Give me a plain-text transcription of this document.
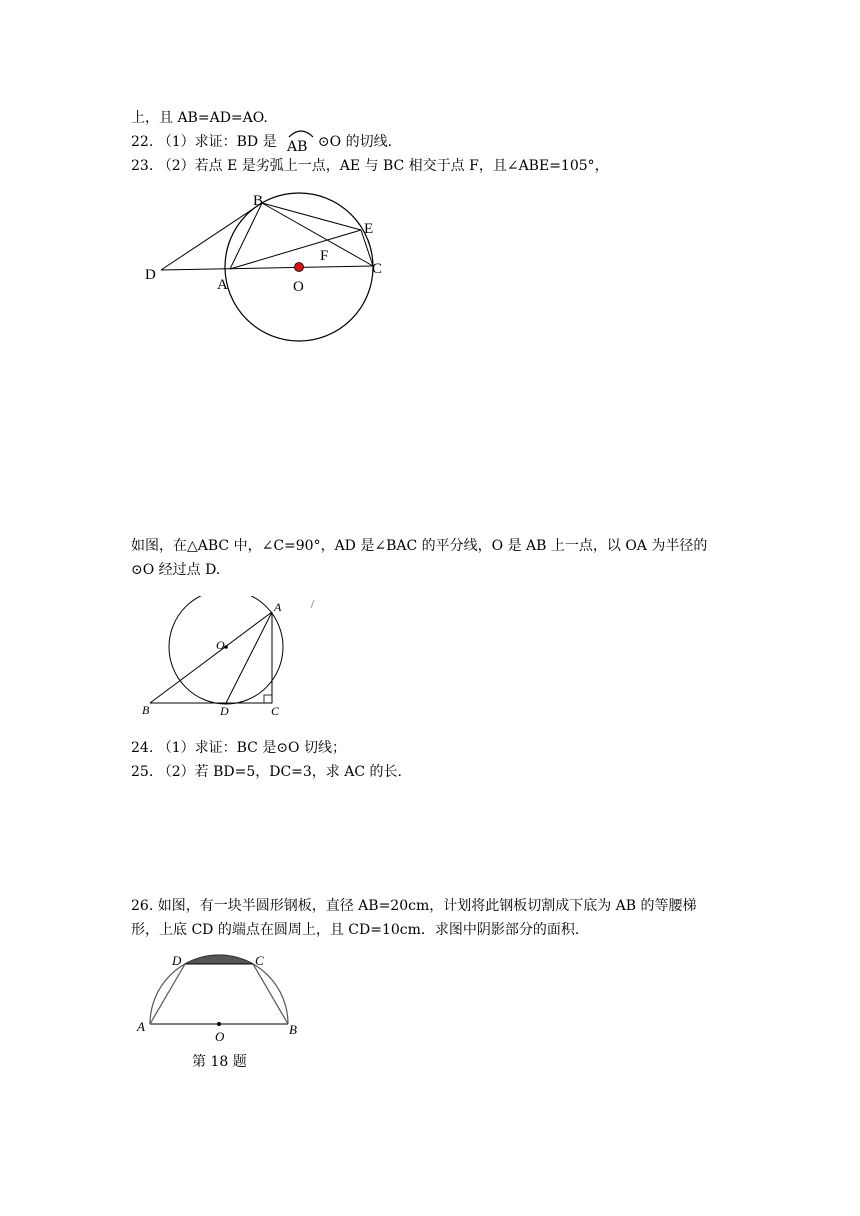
上，且 AB=AD=AO.
22. （1）求证：BD 是 AB ⊙O 的切线.
23. （2）若点 E 是劣弧上一点，AE 与 BC 相交于点 F，且∠ABE=105°，
B
E
F
C
D
A	O
如图，在△ABC 中，∠C=90°，AD 是∠BAC 的平分线，O 是 AB 上一点，以 OA 为半径的
⊙O 经过点 D.
A
O
B	D	C
24. （1）求证：BC 是⊙O 切线；
25. （2）若 BD=5，DC=3，求 AC 的长.
26. 如图，有一块半圆形钢板，直径 AB=20cm，计划将此钢板切割成下底为 AB 的等腰梯
形，上底 CD 的端点在圆周上，且 CD=10cm．求图中阴影部分的面积.
D	C
A
O	B
第 18 题
